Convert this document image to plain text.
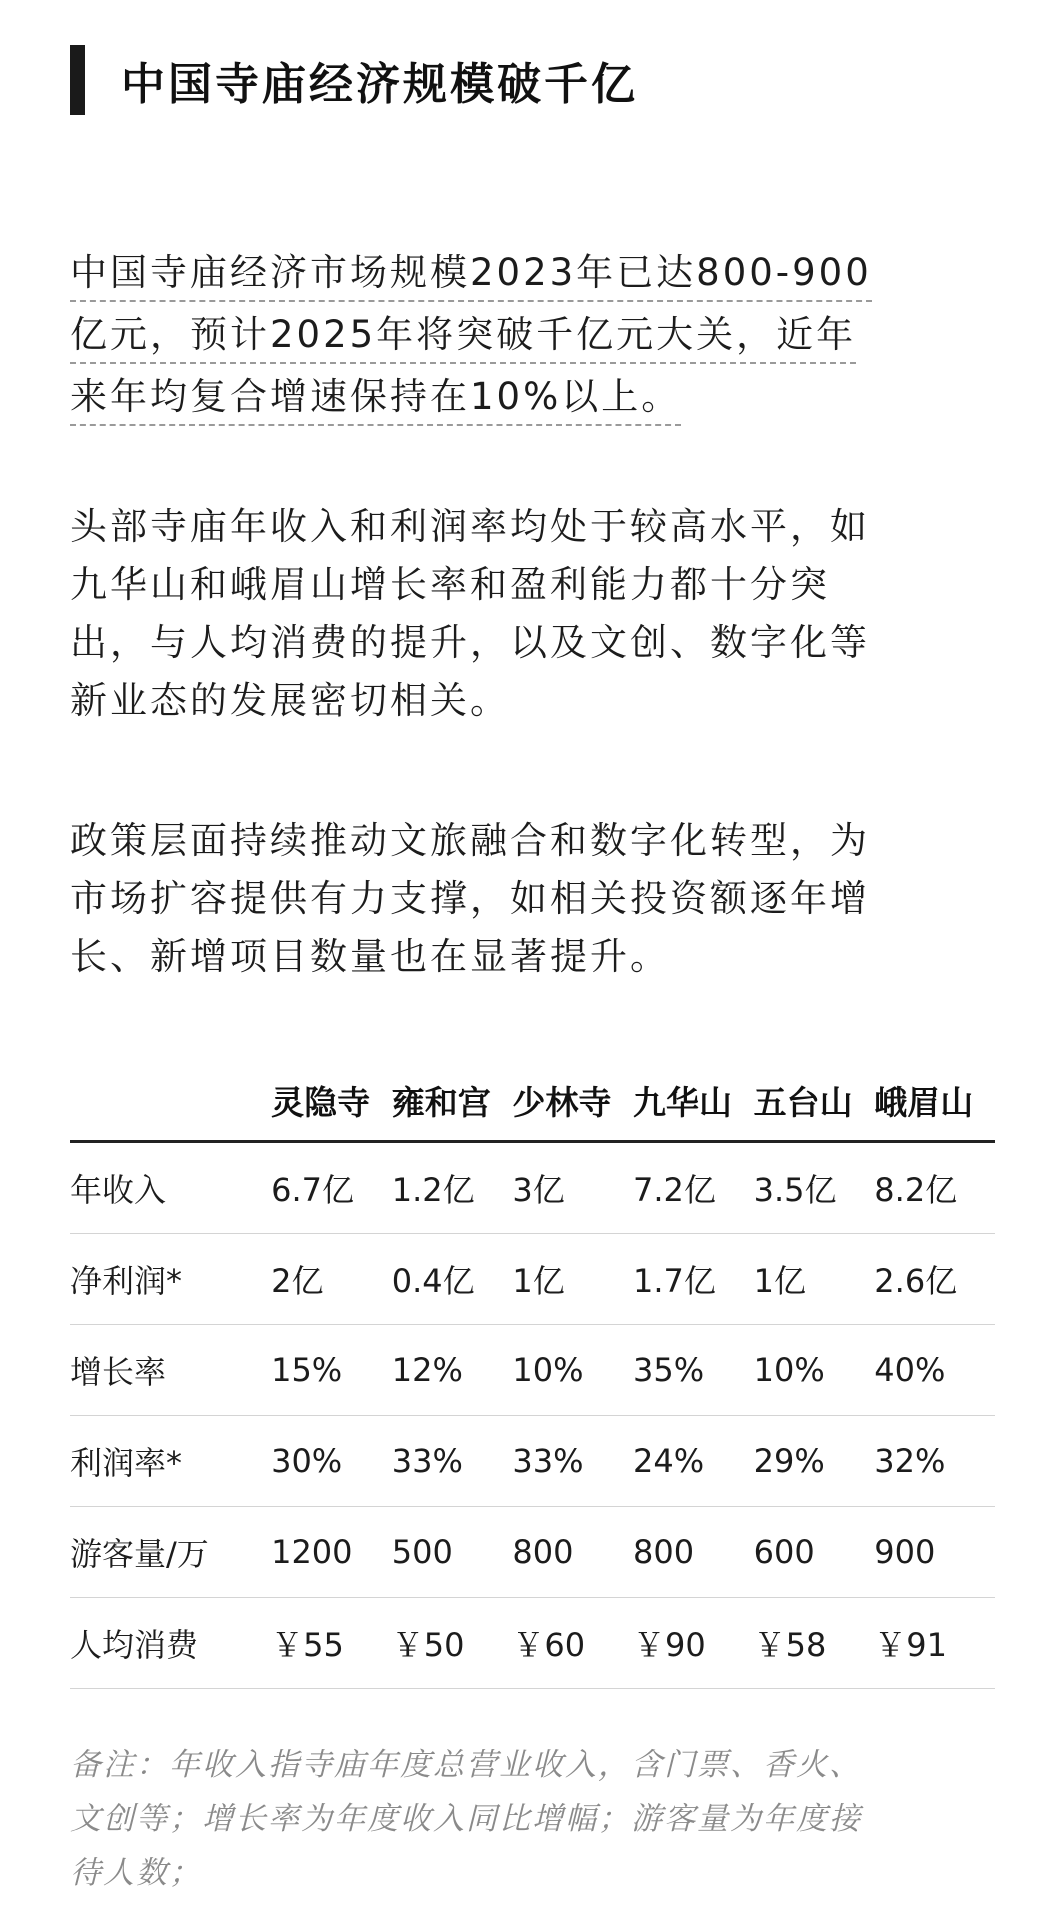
中国寺庙经济规模破千亿

中国寺庙经济市场规模2023年已达800-900

亿元，预计2025年将突破千亿元大关，近年

来年均复合增速保持在10%以上。

头部寺庙年收入和利润率均处于较高水平，如

九华山和峨眉山增长率和盈利能力都十分突

出，与人均消费的提升，以及文创、数字化等

新业态的发展密切相关。

政策层面持续推动文旅融合和数字化转型，为

市场扩容提供有力支撑，如相关投资额逐年增

长、新增项目数量也在显著提升。

	灵隐寺	雍和宫	少林寺	九华山	五台山	峨眉山
年收入	6.7亿	1.2亿	3亿	7.2亿	3.5亿	8.2亿
净利润*	2亿	0.4亿	1亿	1.7亿	1亿	2.6亿
增长率	15%	12%	10%	35%	10%	40%
利润率*	30%	33%	33%	24%	29%	32%
游客量/万	1200	500	800	800	600	900
人均消费	￥55	￥50	￥60	￥90	￥58	￥91

备注：年收入指寺庙年度总营业收入，含门票、香火、

文创等；增长率为年度收入同比增幅；游客量为年度接

待人数；
